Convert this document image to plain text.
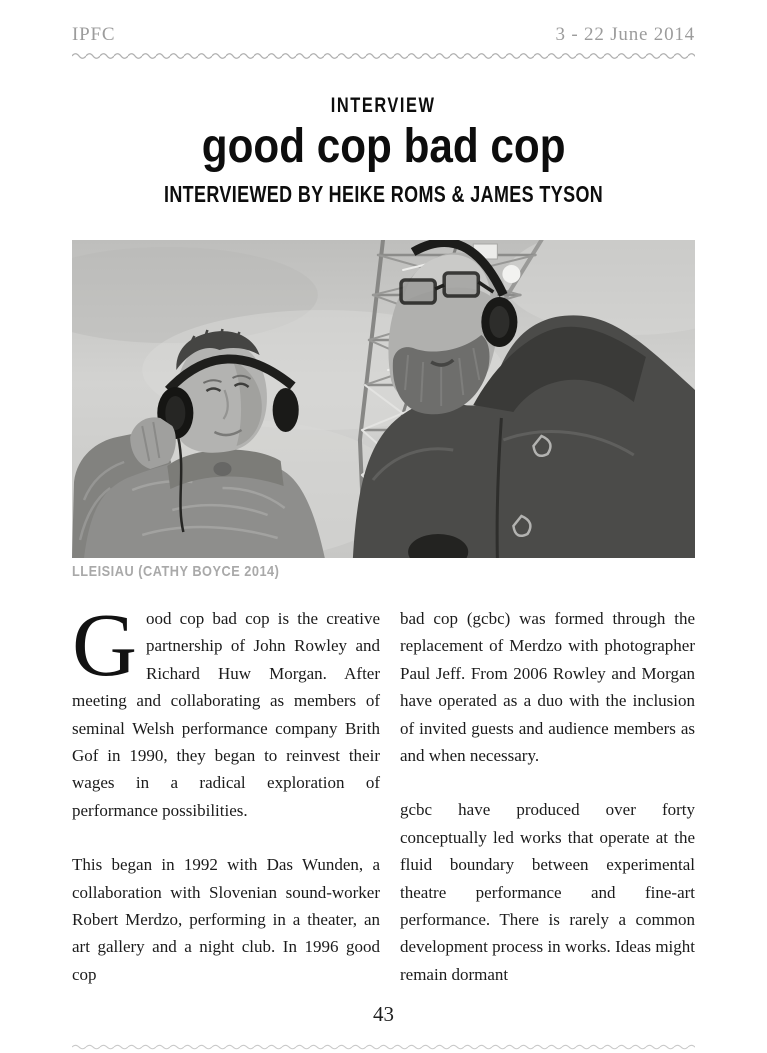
IPFC	3 - 22 June 2014
INTERVIEW
good cop bad cop
INTERVIEWED BY HEIKE ROMS & JAMES TYSON
LLEISIAU (CATHY BOYCE 2014)

Good cop bad cop is the creative partnership of John Rowley and Richard Huw Morgan. After meeting and collaborating as members of seminal Welsh performance company Brith Gof in 1990, they began to reinvest their wages in a radical exploration of performance possibilities.

This began in 1992 with Das Wunden, a collaboration with Slovenian sound-worker Robert Merdzo, performing in a theater, an art gallery and a night club. In 1996 good cop

bad cop (gcbc) was formed through the replacement of Merdzo with photographer Paul Jeff. From 2006 Rowley and Morgan have operated as a duo with the inclusion of invited guests and audience members as and when necessary.

gcbc have produced over forty conceptually led works that operate at the fluid boundary between experimental theatre performance and fine-art performance. There is rarely a common development process in works. Ideas might remain dormant

43
